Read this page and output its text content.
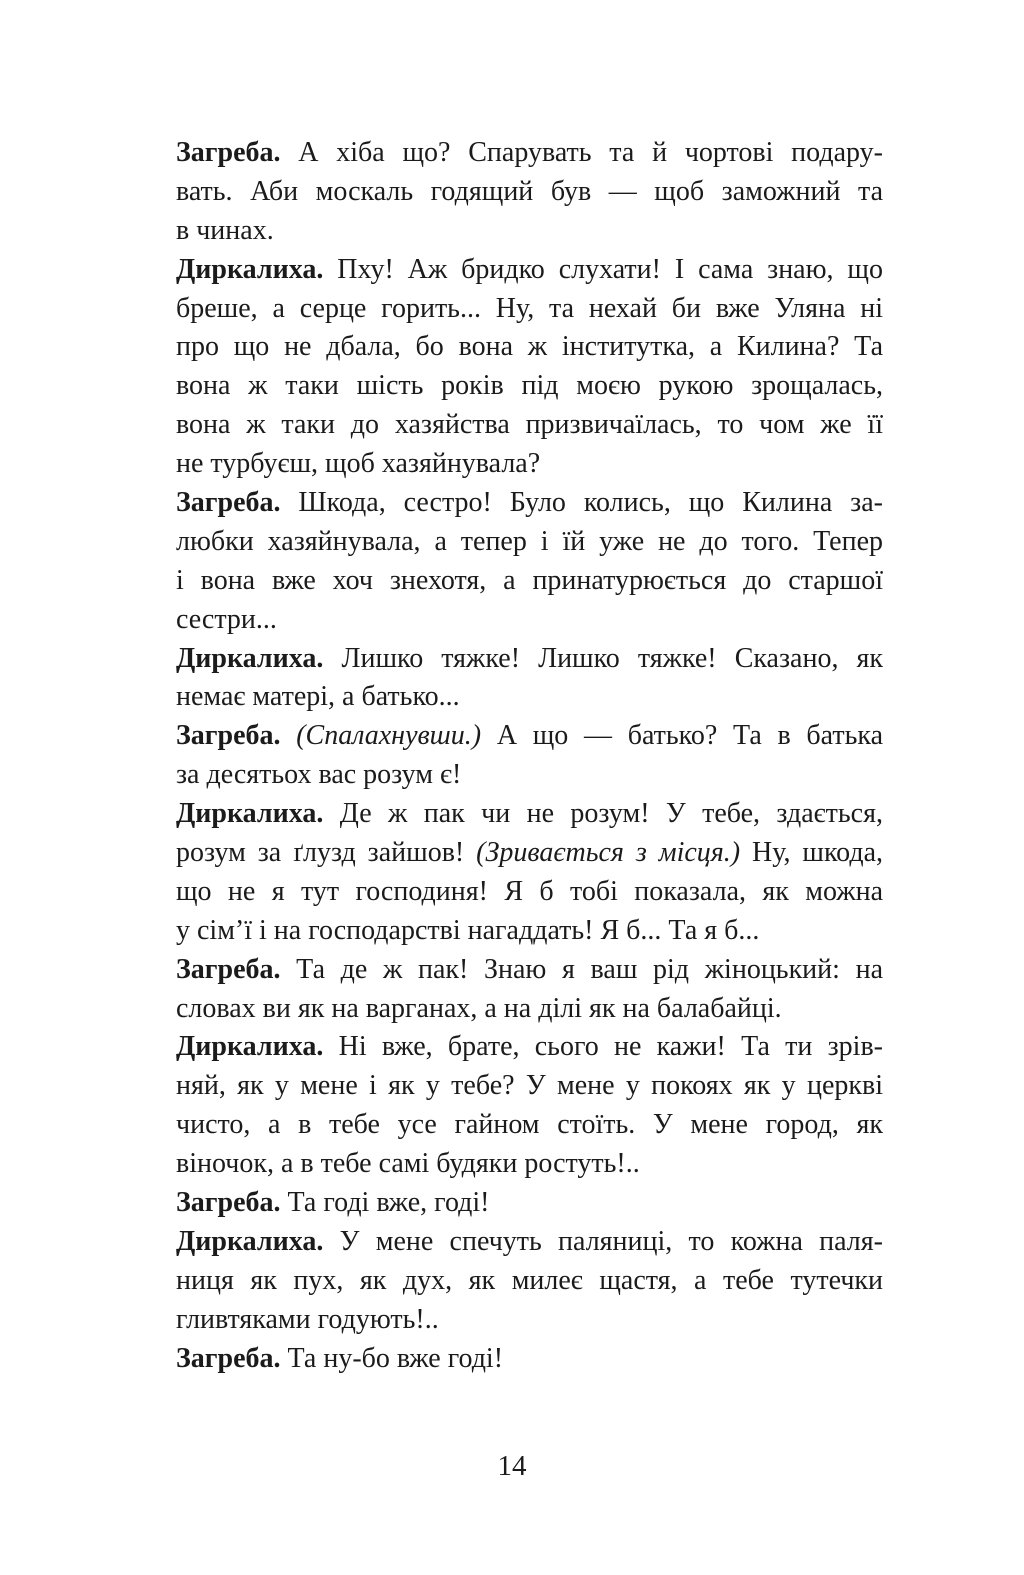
Загреба. А хіба що? Спарувать та й чортові подару-
вать. Аби москаль годящий був — щоб заможний та
в чинах.
Диркалиха. Пху! Аж бридко слухати! І сама знаю, що
бреше, а серце горить... Ну, та нехай би вже Уляна ні
про що не дбала, бо вона ж інститутка, а Килина? Та
вона ж таки шість років під моєю рукою зрощалась,
вона ж таки до хазяйства призвичаїлась, то чом же її
не турбуєш, щоб хазяйнувала?
Загреба. Шкода, сестро! Було колись, що Килина за-
любки хазяйнувала, а тепер і їй уже не до того. Тепер
і вона вже хоч знехотя, а принатурюється до старшої
сестри...
Диркалиха. Лишко тяжке! Лишко тяжке! Сказано, як
немає матері, а батько...
Загреба. (Спалахнувши.) А що — батько? Та в батька
за десятьох вас розум є!
Диркалиха. Де ж пак чи не розум! У тебе, здається,
розум за ґлузд зайшов! (Зривається з місця.) Ну, шкода,
що не я тут господиня! Я б тобі показала, як можна
у сім’ї і на господарстві нагаддать! Я б... Та я б...
Загреба. Та де ж пак! Знаю я ваш рід жіноцький: на
словах ви як на варганах, а на ділі як на балабайці.
Диркалиха. Ні вже, брате, сього не кажи! Та ти зрів-
няй, як у мене і як у тебе? У мене у покоях як у церкві
чисто, а в тебе усе гайном стоїть. У мене город, як
віночок, а в тебе самі будяки ростуть!..
Загреба. Та годі вже, годі!
Диркалиха. У мене спечуть паляниці, то кожна паля-
ниця як пух, як дух, як милеє щастя, а тебе тутечки
гливтяками годують!..
Загреба. Та ну-бо вже годі!
14
